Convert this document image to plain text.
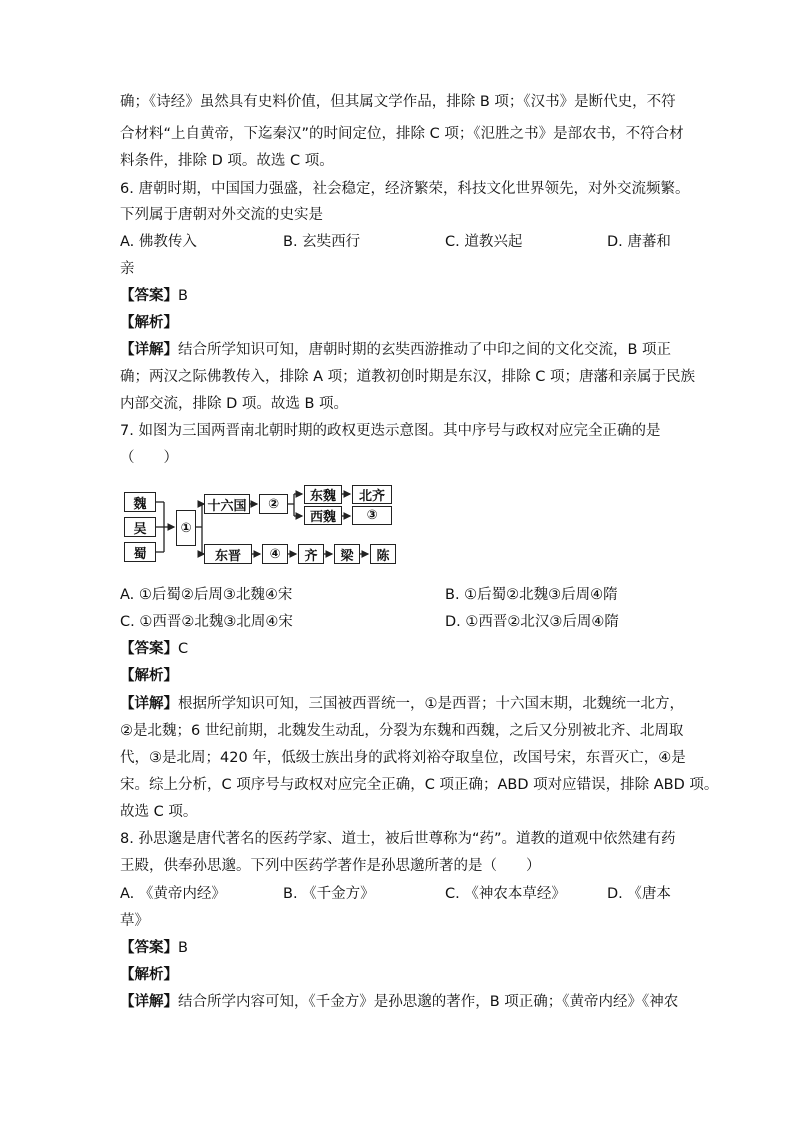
确；《诗经》虽然具有史料价值，但其属文学作品，排除 B 项；《汉书》是断代史，不符
合材料“上自黄帝，下迄秦汉”的时间定位，排除 C 项；《氾胜之书》是部农书，不符合材
料条件，排除 D 项。故选 C 项。
6. 唐朝时期，中国国力强盛，社会稳定，经济繁荣，科技文化世界领先，对外交流频繁。
下列属于唐朝对外交流的史实是
A. 佛教传入	B. 玄奘西行	C. 道教兴起	D. 唐蕃和
亲
【答案】B
【解析】
【详解】结合所学知识可知，唐朝时期的玄奘西游推动了中印之间的文化交流，B 项正
确；两汉之际佛教传入，排除 A 项；道教初创时期是东汉，排除 C 项；唐藩和亲属于民族
内部交流，排除 D 项。故选 B 项。
7. 如图为三国两晋南北朝时期的政权更迭示意图。其中序号与政权对应完全正确的是
（　　）
魏
吴
蜀
①
十六国	②	东魏	北齐
西魏	③
东晋	④	齐	梁	陈
A. ①后蜀②后周③北魏④宋	B. ①后蜀②北魏③后周④隋
C. ①西晋②北魏③北周④宋	D. ①西晋②北汉③后周④隋
【答案】C
【解析】
【详解】根据所学知识可知，三国被西晋统一，①是西晋；十六国末期，北魏统一北方，
②是北魏；6 世纪前期，北魏发生动乱，分裂为东魏和西魏，之后又分别被北齐、北周取
代，③是北周；420 年，低级士族出身的武将刘裕夺取皇位，改国号宋，东晋灭亡，④是
宋。综上分析，C 项序号与政权对应完全正确，C 项正确；ABD 项对应错误，排除 ABD 项。
故选 C 项。
8. 孙思邈是唐代著名的医药学家、道士，被后世尊称为“药”。道教的道观中依然建有药
王殿，供奉孙思邈。下列中医药学著作是孙思邈所著的是（　　）
A. 《黄帝内经》	B. 《千金方》	C. 《神农本草经》	D. 《唐本
草》
【答案】B
【解析】
【详解】结合所学内容可知，《千金方》是孙思邈的著作，B 项正确；《黄帝内经》《神农
